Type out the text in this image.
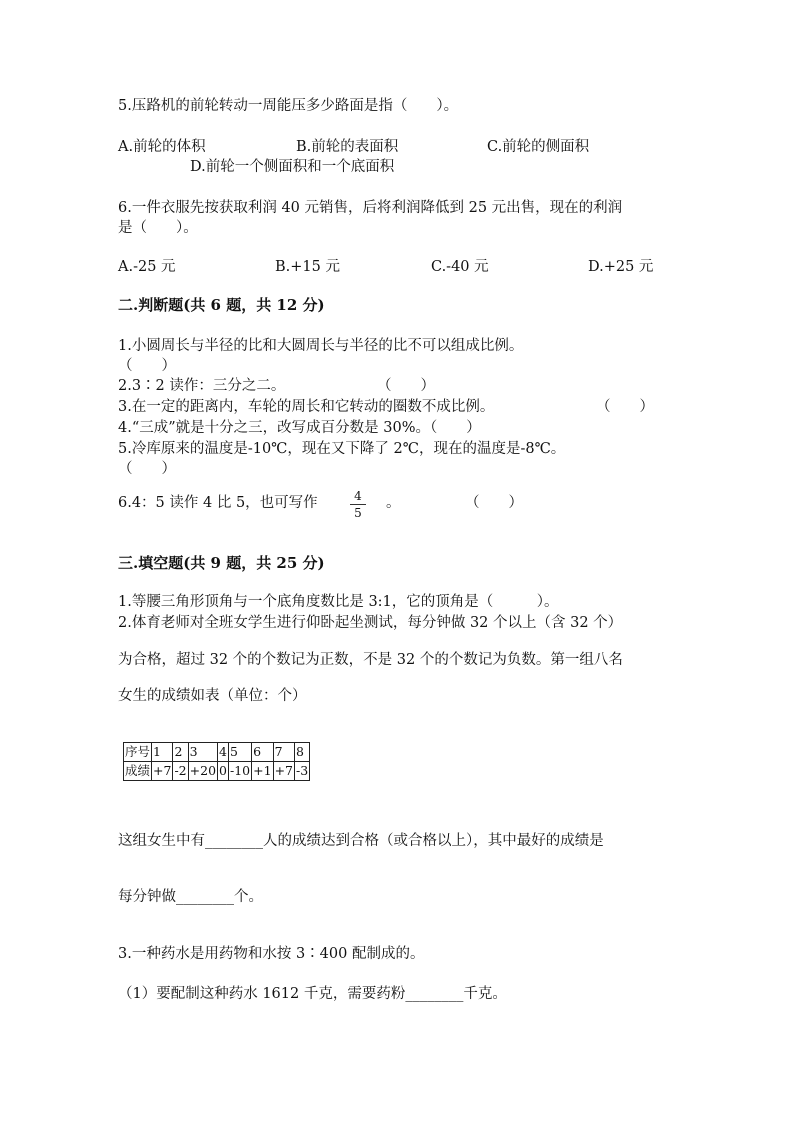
5.压路机的前轮转动一周能压多少路面是指（　　）。
A.前轮的体积	B.前轮的表面积	C.前轮的侧面积
D.前轮一个侧面积和一个底面积
6.一件衣服先按获取利润 40 元销售，后将利润降低到 25 元出售，现在的利润
是（　　）。
A.-25 元	B.+15 元	C.-40 元	D.+25 元
二.判断题(共 6 题，共 12 分)
1.小圆周长与半径的比和大圆周长与半径的比不可以组成比例。
（　　）
2.3∶2 读作：三分之二。	（　　）
3.在一定的距离内，车轮的周长和它转动的圈数不成比例。	（　　）
4.“三成”就是十分之三，改写成百分数是 30%。（　　）
5.冷库原来的温度是-10℃，现在又下降了 2℃，现在的温度是-8℃。
（　　）
6.4：5 读作 4 比 5，也可写作	$\frac{4}{5}$ 。	（　　）
三.填空题(共 9 题，共 25 分)
1.等腰三角形顶角与一个底角度数比是 3:1，它的顶角是（　　　）。
2.体育老师对全班女学生进行仰卧起坐测试，每分钟做 32 个以上（含 32 个）
为合格，超过 32 个的个数记为正数，不是 32 个的个数记为负数。第一组八名
女生的成绩如表（单位：个）
序号	1	2	3	4	5	6	7	8
成绩	+7	-2	+20	0	-10	+1	+7	-3
这组女生中有________人的成绩达到合格（或合格以上），其中最好的成绩是
每分钟做________个。
3.一种药水是用药物和水按 3∶400 配制成的。
（1）要配制这种药水 1612 千克，需要药粉________千克。
